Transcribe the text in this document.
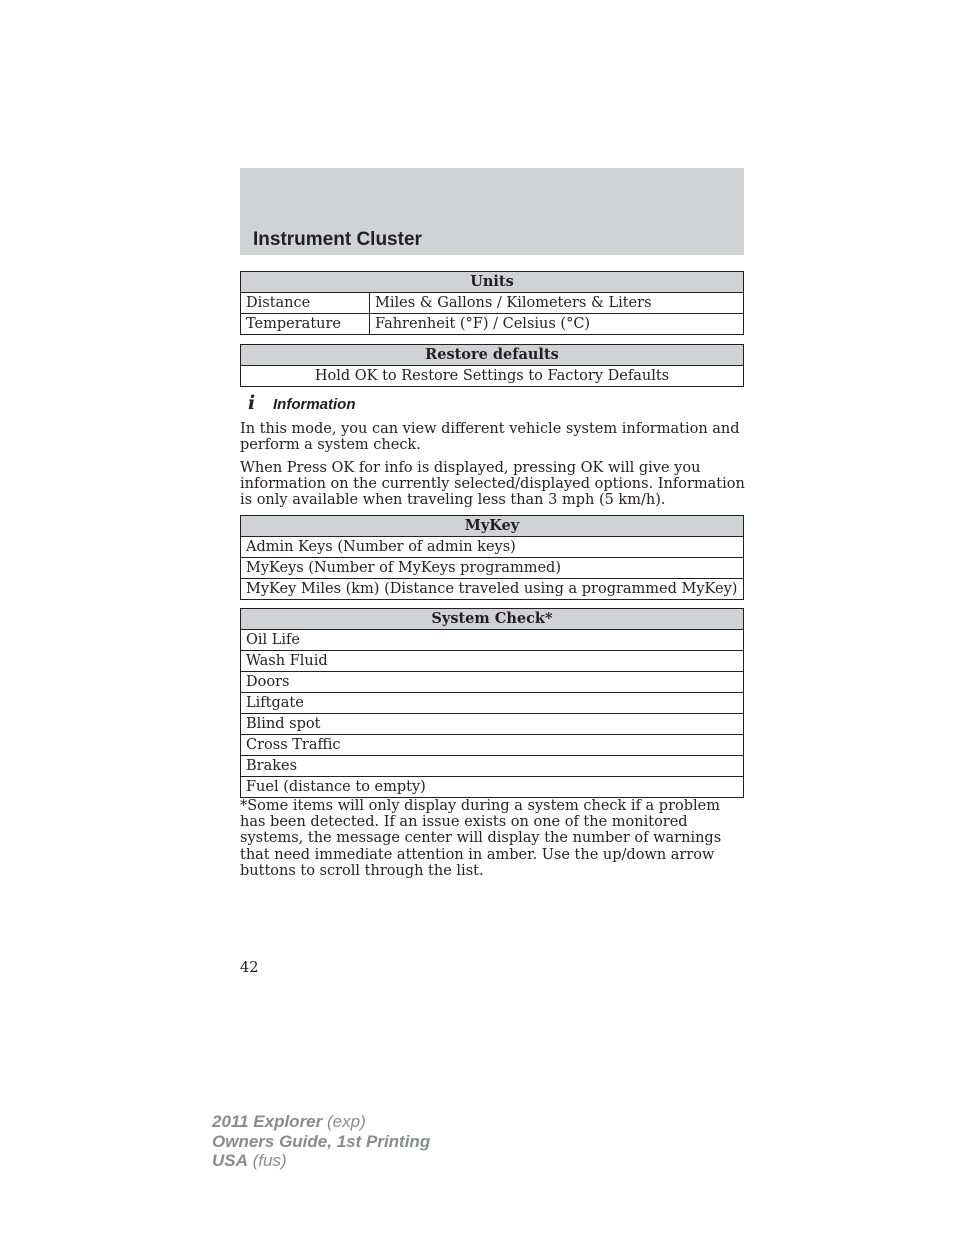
Instrument Cluster
Units	
Distance	Miles & Gallons / Kilometers & Liters
Temperature	Fahrenheit (°F) / Celsius (°C)
Restore defaults
Hold OK to Restore Settings to Factory Defaults
i Information

In this mode, you can view different vehicle system information and perform a system check.

When Press OK for info is displayed, pressing OK will give you information on the currently selected/displayed options. Information is only available when traveling less than 3 mph (5 km/h).

MyKey
Admin Keys (Number of admin keys)
MyKeys (Number of MyKeys programmed)
MyKey Miles (km) (Distance traveled using a programmed MyKey)
System Check*
Oil Life
Wash Fluid
Doors
Liftgate
Blind spot
Cross Traffic
Brakes
Fuel (distance to empty)

*Some items will only display during a system check if a problem has been detected. If an issue exists on one of the monitored systems, the message center will display the number of warnings that need immediate attention in amber. Use the up/down arrow buttons to scroll through the list.

42
2011 Explorer (exp)
Owners Guide, 1st Printing
USA (fus)
